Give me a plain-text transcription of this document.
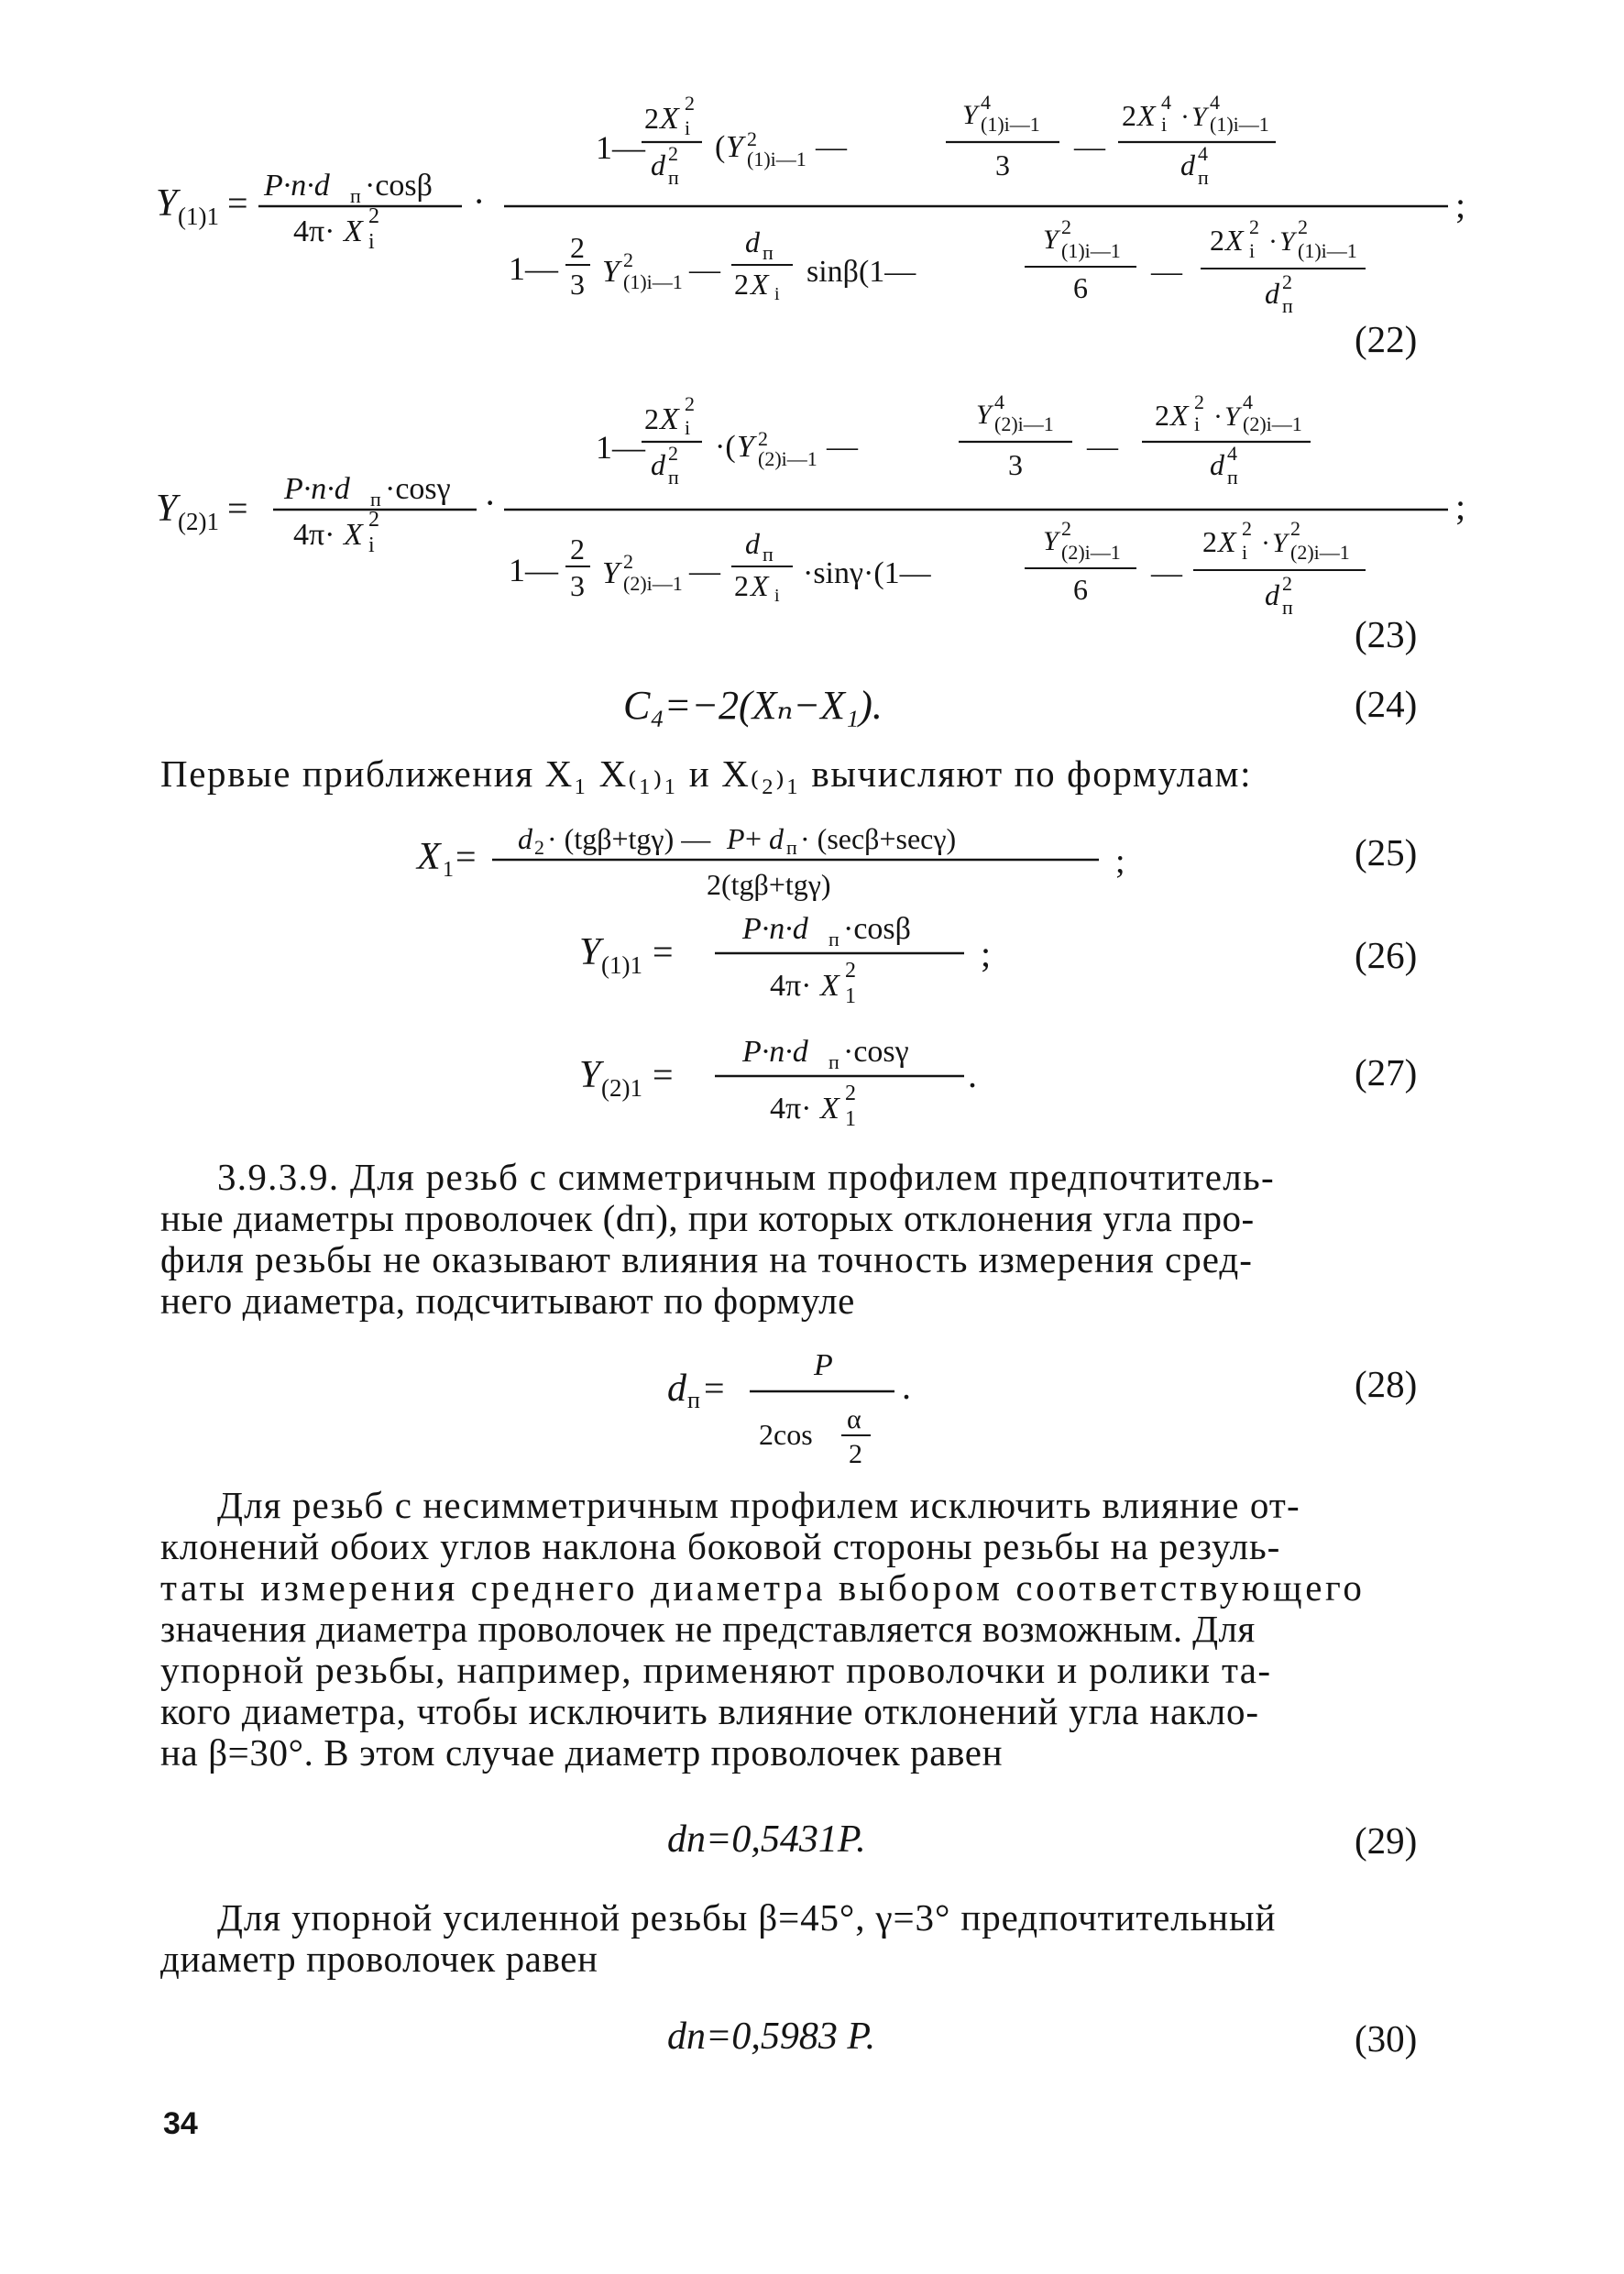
Y (1)1 = P·n·d п ·cosβ
4π· X 2
i
·
1—
2 X 2
i
d 2
п
( Y 2
(1)i—1 —
Y 4
(1)i—1
3
—
2 X 4
i · Y 4
(1)i—1
d 4
п
;
1—
2
3 Y 2
(1)i—1 —
d п
2 X i
sinβ(1—
Y 2
(1)i—1
6 —
2 X 2
i · Y 2
(1)i—1
d 2
п
(22)
Y (2)1 = P·n·d п ·cosγ
4π· X 2
i
·
1—
2 X 2
i
d 2
п
·( Y 2
(2)i—1 —
Y 4
(2)i—1
3
—
2 X 2
i · Y 4
(2)i—1
d 4
п
;
1—
2
3 Y 2
(2)i—1 —
d п
2 X i
·sinγ·(1—
Y 2
(2)i—1
6 —
2 X 2
i · Y 2
(2)i—1
d 2
п
(23)
C₄=−2(Xₙ−X₁).	(24)
Первые приближения X₁ X₍₁₎₁ и X₍₂₎₁ вычисляют по формулам:
X 1 = d 2 · (tgβ+tgγ) — P + d п · (secβ+secγ)
2(tgβ+tgγ)
;	(25)
Y (1)1 =
P·n·d п ·cosβ
4π· X 2
1
;	(26)
Y (2)1 =
P·n·d п ·cosγ
4π· X 2
1
.	(27)
3.9.3.9. Для резьб с симметричным профилем предпочтитель-
ные диаметры проволочек (dп), при которых отклонения угла про-
филя резьбы не оказывают влияния на точность измерения сред-
него диаметра, подсчитывают по формуле
d п =
P
2cos α
2
.	(28)
Для резьб с несимметричным профилем исключить влияние от-
клонений обоих углов наклона боковой стороны резьбы на резуль-
таты измерения среднего диаметра выбором соответствующего
значения диаметра проволочек не представляется возможным. Для
упорной резьбы, например, применяют проволочки и ролики та-
кого диаметра, чтобы исключить влияние отклонений угла накло-
на β=30°. В этом случае диаметр проволочек равен
dп=0,5431P.	(29)
Для упорной усиленной резьбы β=45°, γ=3° предпочтительный
диаметр проволочек равен
dп=0,5983 P.	(30)
34
